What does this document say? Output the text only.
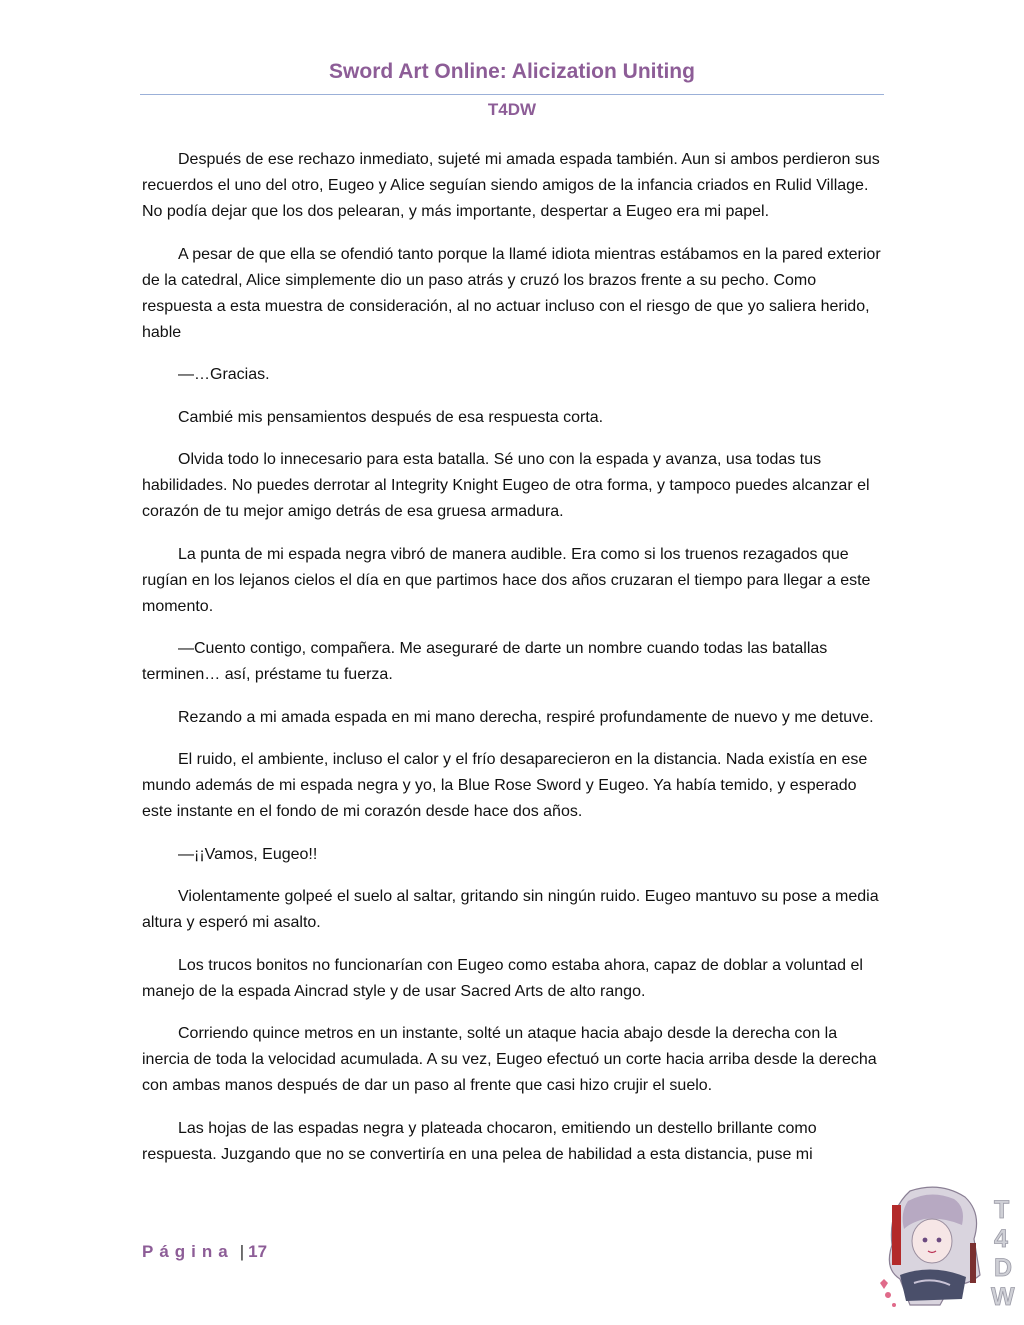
Sword Art Online: Alicization Uniting
T4DW

Después de ese rechazo inmediato, sujeté mi amada espada también. Aun si ambos perdieron sus recuerdos el uno del otro, Eugeo y Alice seguían siendo amigos de la infancia criados en Rulid Village. No podía dejar que los dos pelearan, y más importante, despertar a Eugeo era mi papel.

A pesar de que ella se ofendió tanto porque la llamé idiota mientras estábamos en la pared exterior de la catedral, Alice simplemente dio un paso atrás y cruzó los brazos frente a su pecho. Como respuesta a esta muestra de consideración, al no actuar incluso con el riesgo de que yo saliera herido, hable

—…Gracias.

Cambié mis pensamientos después de esa respuesta corta.

Olvida todo lo innecesario para esta batalla. Sé uno con la espada y avanza, usa todas tus habilidades. No puedes derrotar al Integrity Knight Eugeo de otra forma, y tampoco puedes alcanzar el corazón de tu mejor amigo detrás de esa gruesa armadura.

La punta de mi espada negra vibró de manera audible. Era como si los truenos rezagados que rugían en los lejanos cielos el día en que partimos hace dos años cruzaran el tiempo para llegar a este momento.

—Cuento contigo, compañera. Me aseguraré de darte un nombre cuando todas las batallas terminen… así, préstame tu fuerza.

Rezando a mi amada espada en mi mano derecha, respiré profundamente de nuevo y me detuve.

El ruido, el ambiente, incluso el calor y el frío desaparecieron en la distancia. Nada existía en ese mundo además de mi espada negra y yo, la Blue Rose Sword y Eugeo. Ya había temido, y esperado este instante en el fondo de mi corazón desde hace dos años.

—¡¡Vamos, Eugeo!!

Violentamente golpeé el suelo al saltar, gritando sin ningún ruido. Eugeo mantuvo su pose a media altura y esperó mi asalto.

Los trucos bonitos no funcionarían con Eugeo como estaba ahora, capaz de doblar a voluntad el manejo de la espada Aincrad style y de usar Sacred Arts de alto rango.

Corriendo quince metros en un instante, solté un ataque hacia abajo desde la derecha con la inercia de toda la velocidad acumulada. A su vez, Eugeo efectuó un corte hacia arriba desde la derecha con ambas manos después de dar un paso al frente que casi hizo crujir el suelo.

Las hojas de las espadas negra y plateada chocaron, emitiendo un destello brillante como respuesta. Juzgando que no se convertiría en una pelea de habilidad a esta distancia, puse mi

Página | 17
T
4
D
W
